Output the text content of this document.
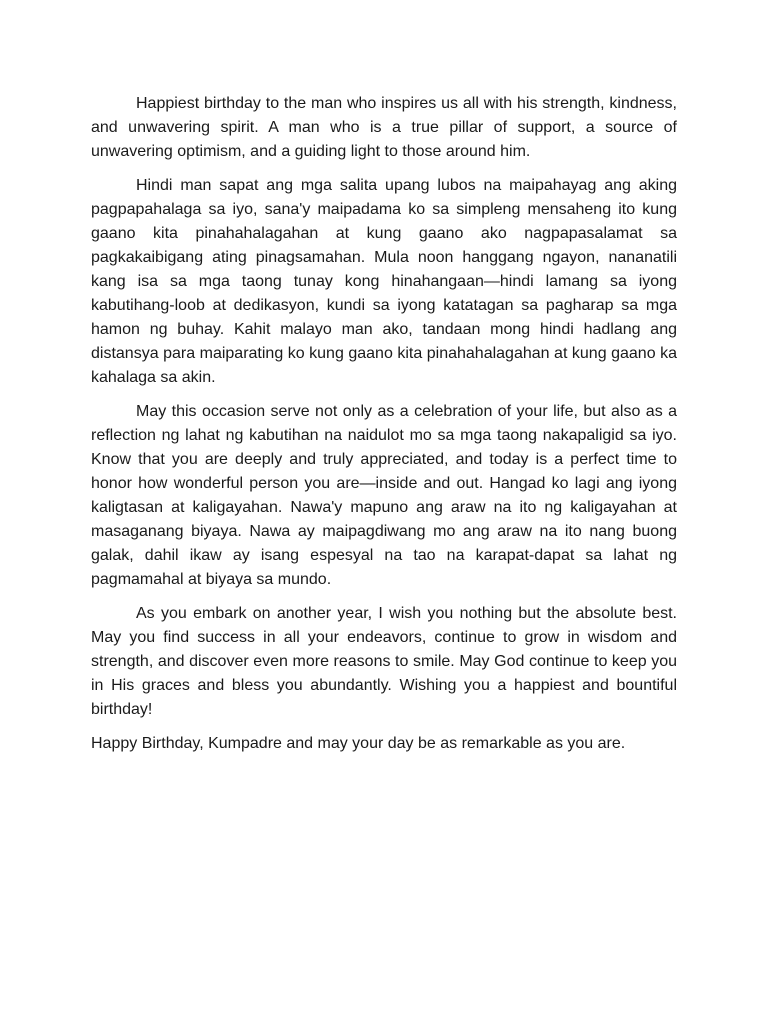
Happiest birthday to the man who inspires us all with his strength, kindness, and unwavering spirit. A man who is a true pillar of support, a source of unwavering optimism, and a guiding light to those around him.

Hindi man sapat ang mga salita upang lubos na maipahayag ang aking pagpapahalaga sa iyo, sana'y maipadama ko sa simpleng mensaheng ito kung gaano kita pinahahalagahan at kung gaano ako nagpapasalamat sa pagkakaibigang ating pinagsamahan. Mula noon hanggang ngayon, nananatili kang isa sa mga taong tunay kong hinahangaan—hindi lamang sa iyong kabutihang-loob at dedikasyon, kundi sa iyong katatagan sa pagharap sa mga hamon ng buhay. Kahit malayo man ako, tandaan mong hindi hadlang ang distansya para maiparating ko kung gaano kita pinahahalagahan at kung gaano ka kahalaga sa akin.

May this occasion serve not only as a celebration of your life, but also as a reflection ng lahat ng kabutihan na naidulot mo sa mga taong nakapaligid sa iyo. Know that you are deeply and truly appreciated, and today is a perfect time to honor how wonderful person you are—inside and out. Hangad ko lagi ang iyong kaligtasan at kaligayahan. Nawa'y mapuno ang araw na ito ng kaligayahan at masaganang biyaya. Nawa ay maipagdiwang mo ang araw na ito nang buong galak, dahil ikaw ay isang espesyal na tao na karapat-dapat sa lahat ng pagmamahal at biyaya sa mundo.

As you embark on another year, I wish you nothing but the absolute best. May you find success in all your endeavors, continue to grow in wisdom and strength, and discover even more reasons to smile. May God continue to keep you in His graces and bless you abundantly. Wishing you a happiest and bountiful birthday!

Happy Birthday, Kumpadre and may your day be as remarkable as you are.
